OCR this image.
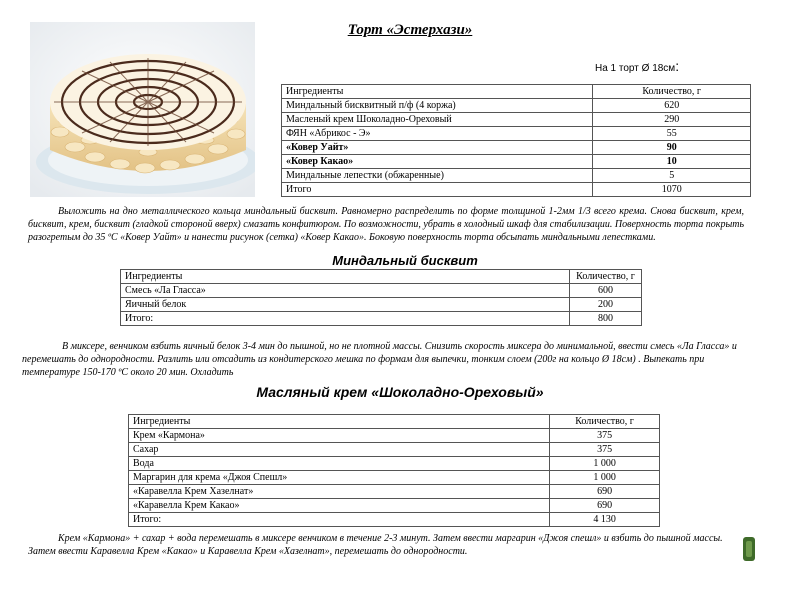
Торт «Эстерхази»
На 1 торт Ø 18см:
Ингредиенты	Количество, г
Миндальный бисквитный п/ф (4 коржа)	620
Масленый крем Шоколадно-Ореховый	290
ФЯН «Абрикос - Э»	55
«Ковер Уайт»	90
«Ковер Какао»	10
Миндальные лепестки (обжаренные)	5
Итого	1070
Выложить на дно металлического кольца миндальный бисквит. Равномерно распределить по форме толщиной 1-2мм 1/3 всего крема. Снова бисквит, крем, бисквит, крем, бисквит (гладкой стороной вверх) смазать конфитюром. По возможности, убрать в холодный шкаф для стабилизации. Поверхность торта покрыть разогретым до 35 ºС «Ковер Уайт» и нанести рисунок (сетка) «Ковер Какао». Боковую поверхность торта обсыпать миндальными лепестками.
Миндальный бисквит
Ингредиенты	Количество, г
Смесь «Ла Гласса»	600
Яичный белок	200
Итого:	800
В миксере, венчиком взбить яичный белок 3-4 мин до пышной, но не плотной массы. Снизить скорость миксера до минимальной, ввести смесь «Ла Гласса» и перемешать до однородности. Разлить или отсадить из кондитерского мешка по формам для выпечки, тонким слоем (200г на кольцо Ø 18см) . Выпекать при температуре 150-170 ºС около 20 мин. Охладить
Масляный крем «Шоколадно-Ореховый»
Ингредиенты	Количество, г
Крем «Кармона»	375
Сахар	375
Вода	1 000
Маргарин для крема «Джоя Спешл»	1 000
«Каравелла Крем Хазелнат»	690
«Каравелла Крем Какао»	690
Итого:	4 130
Крем «Кармона» + сахар + вода перемешать в миксере венчиком в течение 2-3 минут. Затем ввести маргарин «Джоя спешл» и взбить до пышной массы. Затем ввести Каравелла Крем «Какао» и Каравелла Крем «Хазелнат», перемешать до однородности.
